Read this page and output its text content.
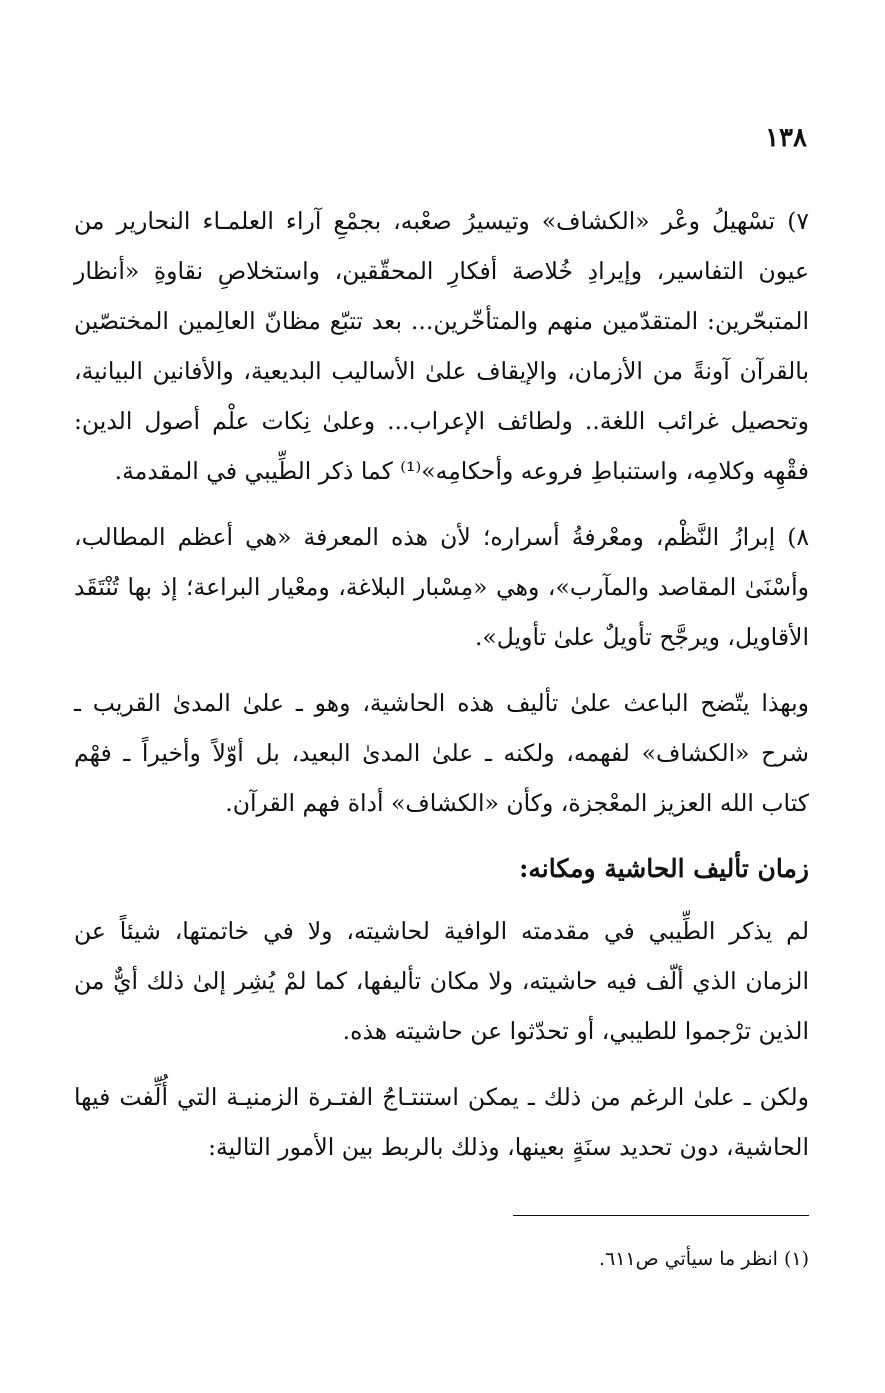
١٣٨

٧) تسْهيلُ وعْر «الكشاف» وتيسيرُ صعْبه، بجمْعِ آراء العلمـاء النحارير من عيون التفاسير، وإيرادِ خُلاصة أفكارِ المحقّقين، واستخلاصِ نقاوةِ «أنظار المتبحّرين: المتقدّمين منهم والمتأخّرين... بعد تتبّع مظانّ العالِمين المختصّين بالقرآن آونةً من الأزمان، والإيقاف علىٰ الأساليب البديعية، والأفانين البيانية، وتحصيل غرائب اللغة.. ولطائف الإعراب... وعلىٰ نِكات علْم أصول الدين: فقْهِه وكلامِه، واستنباطِ فروعه وأحكامِه»⁽¹⁾ كما ذكر الطِّيبي في المقدمة.

٨) إبرازُ النَّظْم، ومعْرفةُ أسراره؛ لأن هذه المعرفة «هي أعظم المطالب، وأسْنَىٰ المقاصد والمآرب»، وهي «مِسْبار البلاغة، ومعْيار البراعة؛ إذ بها تُنْتَقَد الأقاويل، ويرجَّح تأويلٌ علىٰ تأويل».

وبهذا يتّضح الباعث علىٰ تأليف هذه الحاشية، وهو ـ علىٰ المدىٰ القريب ـ شرح «الكشاف» لفهمه، ولكنه ـ علىٰ المدىٰ البعيد، بل أوّلاً وأخيراً ـ فهْم كتاب الله العزيز المعْجزة، وكأن «الكشاف» أداة فهم القرآن.

زمان تأليف الحاشية ومكانه:

لم يذكر الطِّيبي في مقدمته الوافية لحاشيته، ولا في خاتمتها، شيئاً عن الزمان الذي ألّف فيه حاشيته، ولا مكان تأليفها، كما لمْ يُشِر إلىٰ ذلك أيٌّ من الذين ترْجموا للطيبي، أو تحدّثوا عن حاشيته هذه.

ولكن ـ علىٰ الرغم من ذلك ـ يمكن استنتـاجُ الفتـرة الزمنيـة التي أُلِّفت فيها الحاشية، دون تحديد سنَةٍ بعينها، وذلك بالربط بين الأمور التالية:

(١) انظر ما سيأتي ص٦١١.
